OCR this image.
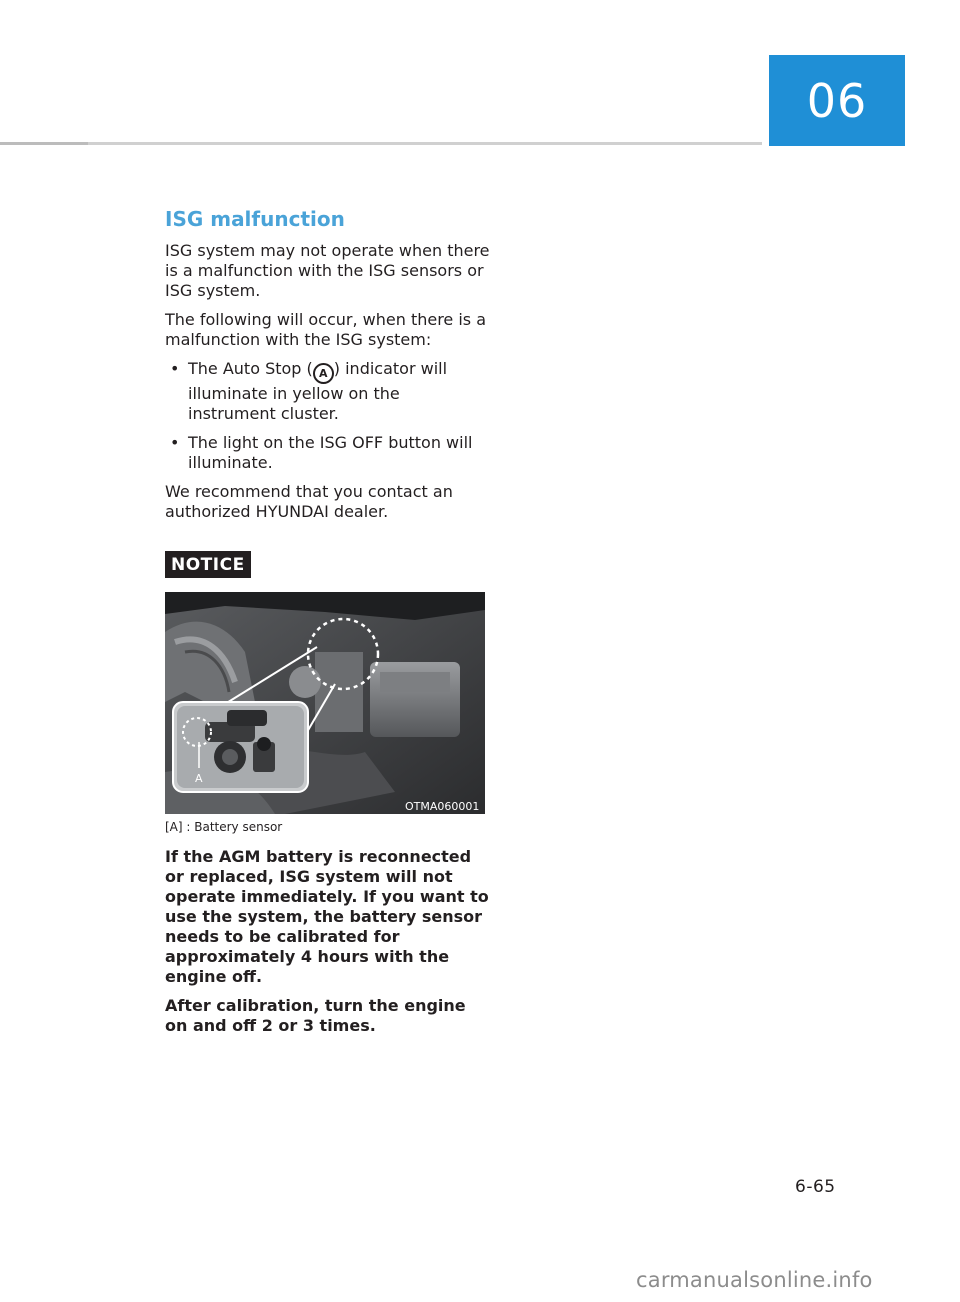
06
ISG malfunction

ISG system may not operate when there is a malfunction with the ISG sensors or ISG system.

The following will occur, when there is a malfunction with the ISG system:

• The Auto Stop ( A ) indicator will illuminate in yellow on the instrument cluster.
• The light on the ISG OFF button will illuminate.

We recommend that you contact an authorized HYUNDAI dealer.

NOTICE
A
OTMA060001
[A] : Battery sensor

If the AGM battery is reconnected or replaced, ISG system will not operate immediately. If you want to use the system, the battery sensor needs to be calibrated for approximately 4 hours with the engine off.

After calibration, turn the engine on and off 2 or 3 times.

6-65
carmanualsonline.info
